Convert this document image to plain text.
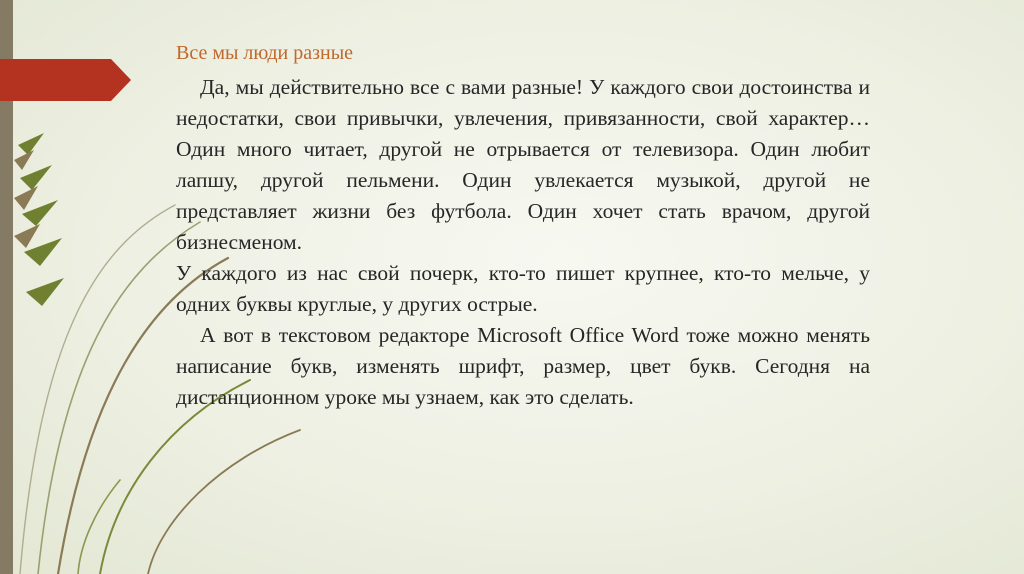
Все мы люди разные

Да, мы действительно все с вами разные! У каждого свои достоинства и недостатки, свои привычки, увлечения, привязанности, свой характер… Один много читает, другой не отрывается от телевизора. Один любит лапшу, другой пельмени. Один увлекается музыкой, другой не представляет жизни без футбола. Один хочет стать врачом, другой бизнесменом.

У каждого из нас свой почерк, кто-то пишет крупнее, кто-то мельче, у одних буквы круглые, у других острые.

А вот в текстовом редакторе Microsoft Office Word тоже можно менять написание букв, изменять шрифт, размер, цвет букв. Сегодня на дистанционном уроке мы узнаем, как это сделать.
